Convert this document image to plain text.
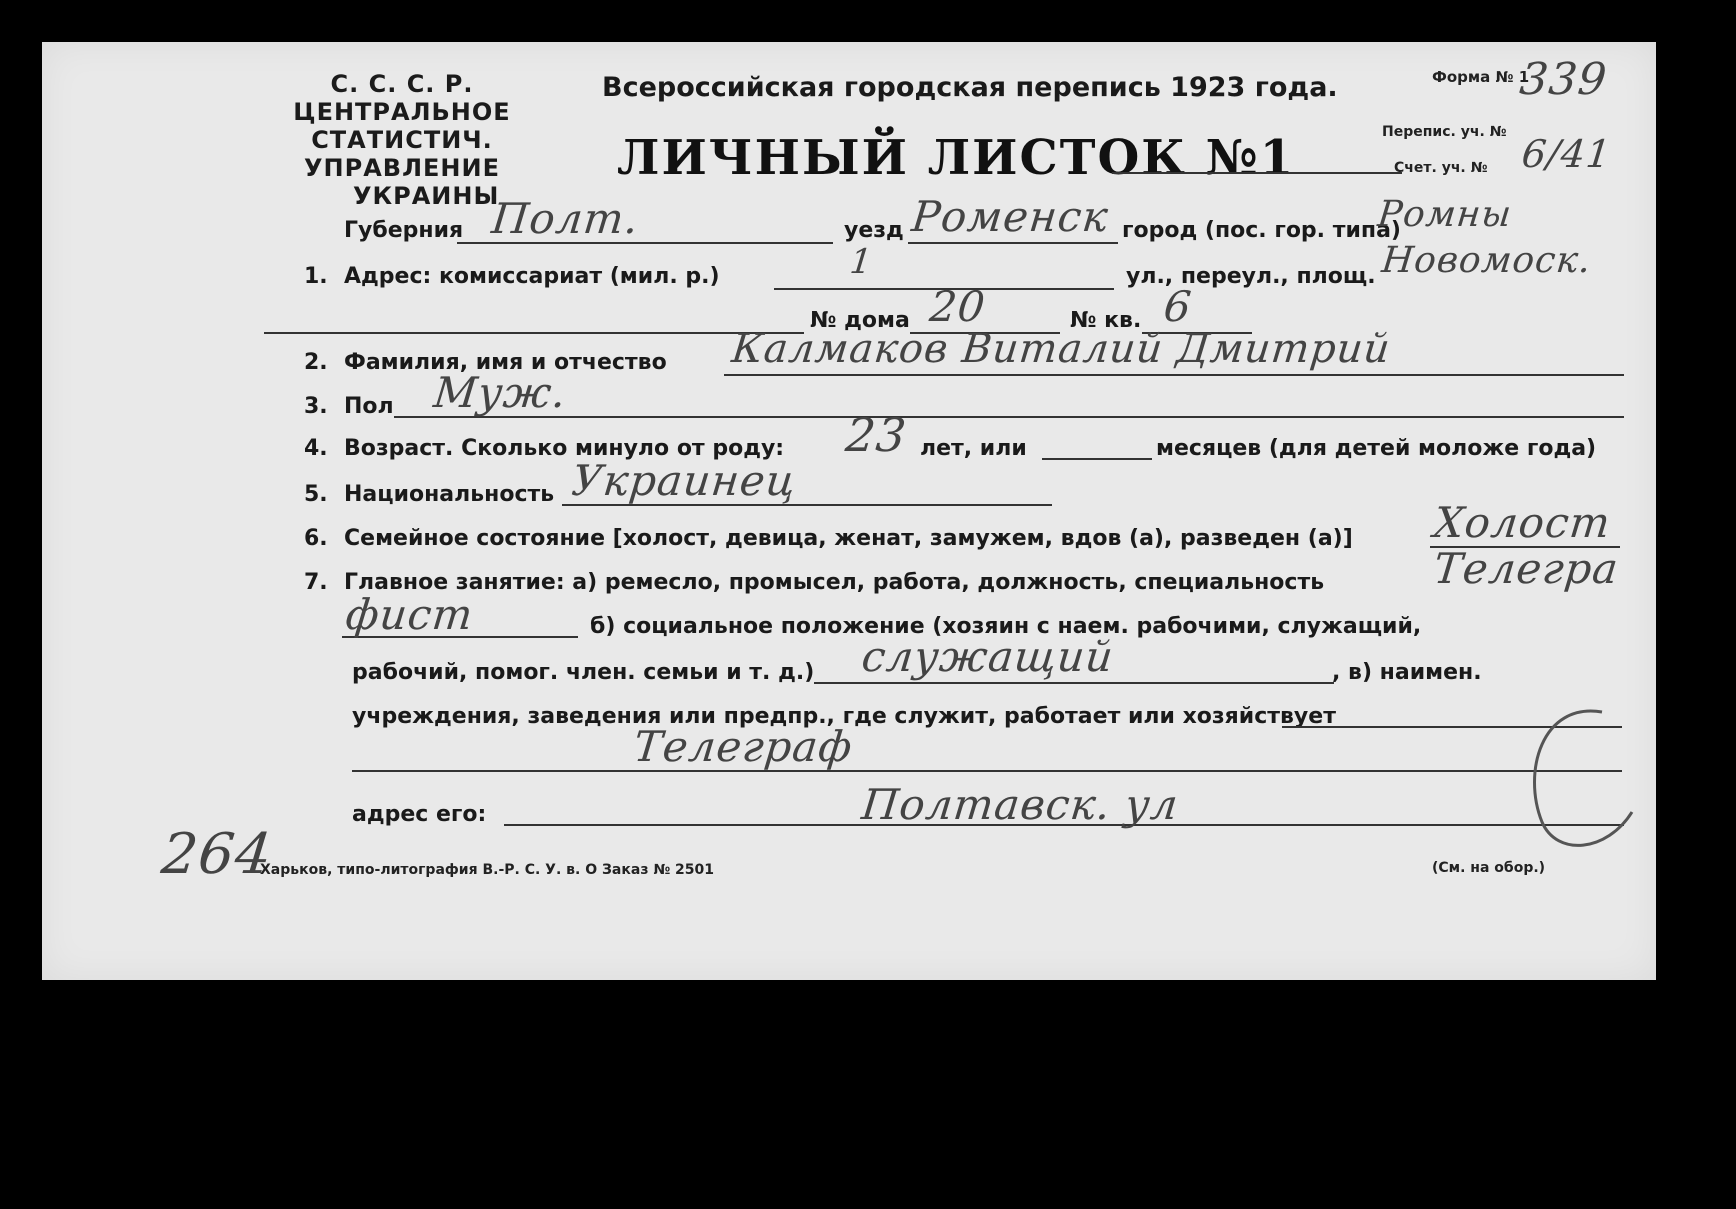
С. С. С. Р.
ЦЕНТРАЛЬНОЕ
СТАТИСТИЧ. УПРАВЛЕНИЕ
УКРАИНЫ
Всероссийская городская перепись 1923 года.	Форма № 1
339
ЛИЧНЫЙ ЛИСТОК №1	Перепис. уч. №
Счет. уч. № 6/41
Губерния Полт.	уезд Роменск город (пос. гор. типа)
Ромны
1. Адрес: комиссариат (мил. р.)	1	ул., переул., площ. Новомоск.
№ дома 20	№ кв. 6
2. Фамилия, имя и отчество Калмаков Виталий Дмитрий
3. Пол Муж.
4. Возраст. Сколько минуло от роду: 23 лет, или	месяцев (для детей моложе года)
5. Национальность Украинец
6. Семейное состояние [холост, девица, женат, замужем, вдов (а), разведен (а)] Холост
7. Главное занятие: а) ремесло, промысел, работа, должность, специальность	Телегра
фист	б) социальное положение (хозяин с наем. рабочими, служащий,
рабочий, помог. член. семьи и т. д.) служащий	, в) наимен.
учреждения, заведения или предпр., где служит, работает или хозяйствует
Телеграф
адрес его:	Полтавск. ул
264
Харьков, типо-литография В.-Р. С. У. в. О Заказ № 2501	(См. на обор.)
